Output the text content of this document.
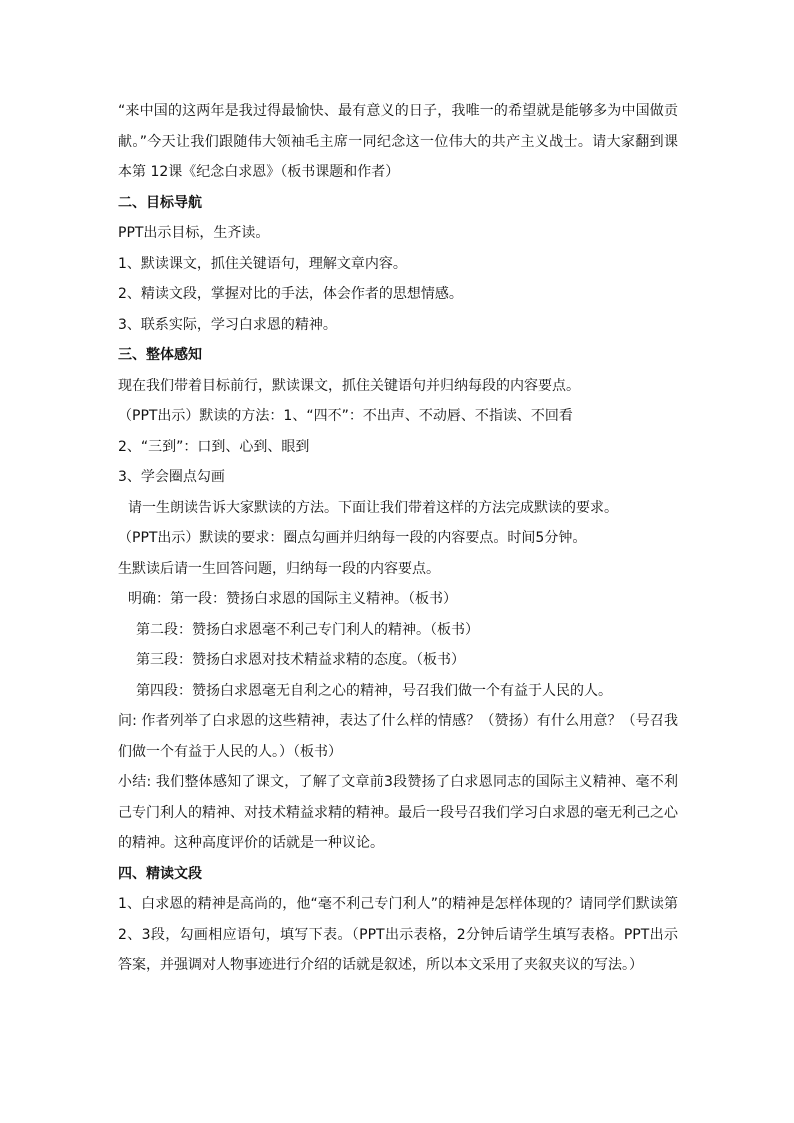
“来中国的这两年是我过得最愉快、最有意义的日子，我唯一的希望就是能够多为中国做贡献。”今天让我们跟随伟大领袖毛主席一同纪念这一位伟大的共产主义战士。请大家翻到课本第 12课《纪念白求恩》（板书课题和作者）

二、目标导航

PPT出示目标，生齐读。

1、默读课文，抓住关键语句，理解文章内容。

2、精读文段，掌握对比的手法，体会作者的思想情感。

3、联系实际，学习白求恩的精神。

三、整体感知

现在我们带着目标前行，默读课文，抓住关键语句并归纳每段的内容要点。

（PPT出示）默读的方法：1、“四不”：不出声、不动唇、不指读、不回看

2、“三到”：口到、心到、眼到

3、学会圈点勾画

请一生朗读告诉大家默读的方法。下面让我们带着这样的方法完成默读的要求。

（PPT出示）默读的要求：圈点勾画并归纳每一段的内容要点。时间5分钟。

生默读后请一生回答问题，归纳每一段的内容要点。

明确：第一段：赞扬白求恩的国际主义精神。（板书）

第二段：赞扬白求恩毫不利己专门利人的精神。（板书）

第三段：赞扬白求恩对技术精益求精的态度。（板书）

第四段：赞扬白求恩毫无自利之心的精神，号召我们做一个有益于人民的人。

问: 作者列举了白求恩的这些精神，表达了什么样的情感？（赞扬）有什么用意？（号召我们做一个有益于人民的人。）（板书）

小结: 我们整体感知了课文，了解了文章前3段赞扬了白求恩同志的国际主义精神、毫不利己专门利人的精神、对技术精益求精的精神。最后一段号召我们学习白求恩的毫无利己之心的精神。这种高度评价的话就是一种议论。

四、精读文段

1、白求恩的精神是高尚的，他“毫不利己专门利人”的精神是怎样体现的？请同学们默读第 2、3段，勾画相应语句，填写下表。（PPT出示表格，2分钟后请学生填写表格。PPT出示答案，并强调对人物事迹进行介绍的话就是叙述，所以本文采用了夹叙夹议的写法。）
